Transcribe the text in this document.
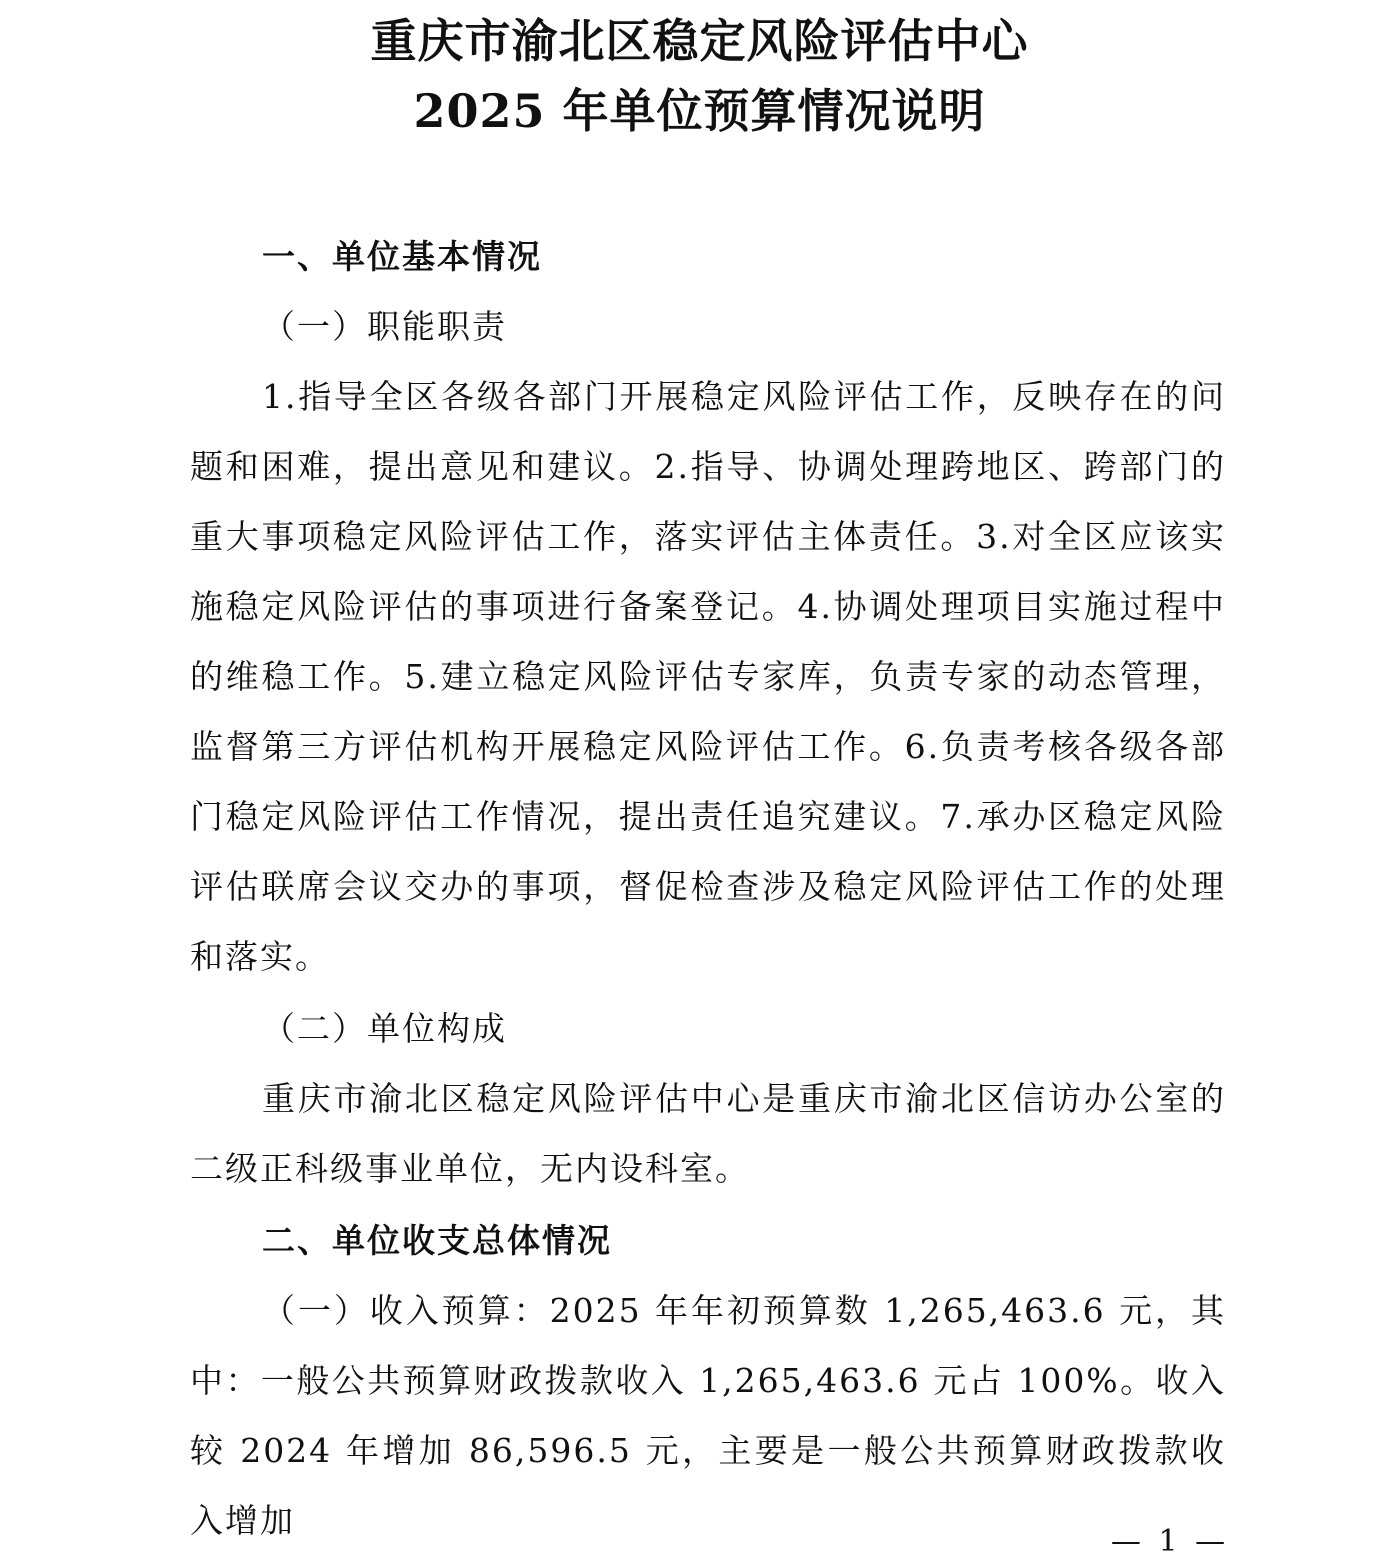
重庆市渝北区稳定风险评估中心
2025 年单位预算情况说明

一、单位基本情况

（一）职能职责

1.指导全区各级各部门开展稳定风险评估工作，反映存在的问题和困难，提出意见和建议。2.指导、协调处理跨地区、跨部门的重大事项稳定风险评估工作，落实评估主体责任。3.对全区应该实施稳定风险评估的事项进行备案登记。4.协调处理项目实施过程中的维稳工作。5.建立稳定风险评估专家库，负责专家的动态管理，监督第三方评估机构开展稳定风险评估工作。6.负责考核各级各部门稳定风险评估工作情况，提出责任追究建议。7.承办区稳定风险评估联席会议交办的事项，督促检查涉及稳定风险评估工作的处理和落实。

（二）单位构成

重庆市渝北区稳定风险评估中心是重庆市渝北区信访办公室的二级正科级事业单位，无内设科室。

二、单位收支总体情况

（一）收入预算：2025 年年初预算数 1,265,463.6 元，其中：一般公共预算财政拨款收入 1,265,463.6 元占 100%。收入较 2024 年增加 86,596.5 元，主要是一般公共预算财政拨款收入增加

— 1 —
